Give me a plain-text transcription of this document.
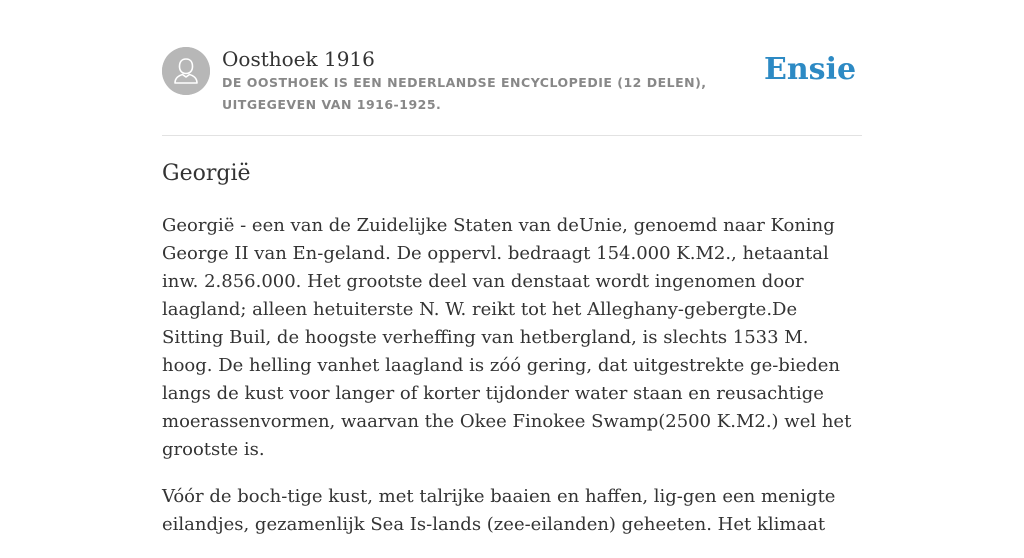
Oosthoek 1916
DE OOSTHOEK IS EEN NEDERLANDSE ENCYCLOPEDIE (12 DELEN), UITGEGEVEN VAN 1916-1925.
Ensie
Georgië

Georgië - een van de Zuidelijke Staten van deUnie, genoemd naar Koning George II van En-geland. De oppervl. bedraagt 154.000 K.M2., hetaantal inw. 2.856.000. Het grootste deel van denstaat wordt ingenomen door laagland; alleen hetuiterste N. W. reikt tot het Alleghany-gebergte.De Sitting Buil, de hoogste verheffing van hetbergland, is slechts 1533 M. hoog. De helling vanhet laagland is zóó gering, dat uitgestrekte ge-bieden langs de kust voor langer of korter tijdonder water staan en reusachtige moerassenvormen, waarvan the Okee Finokee Swamp(2500 K.M2.) wel het grootste is.

Vóór de boch-tige kust, met talrijke baaien en haffen, lig-gen een menigte eilandjes, gezamenlijk Sea Is-lands (zee-eilanden) geheeten. Het klimaat
